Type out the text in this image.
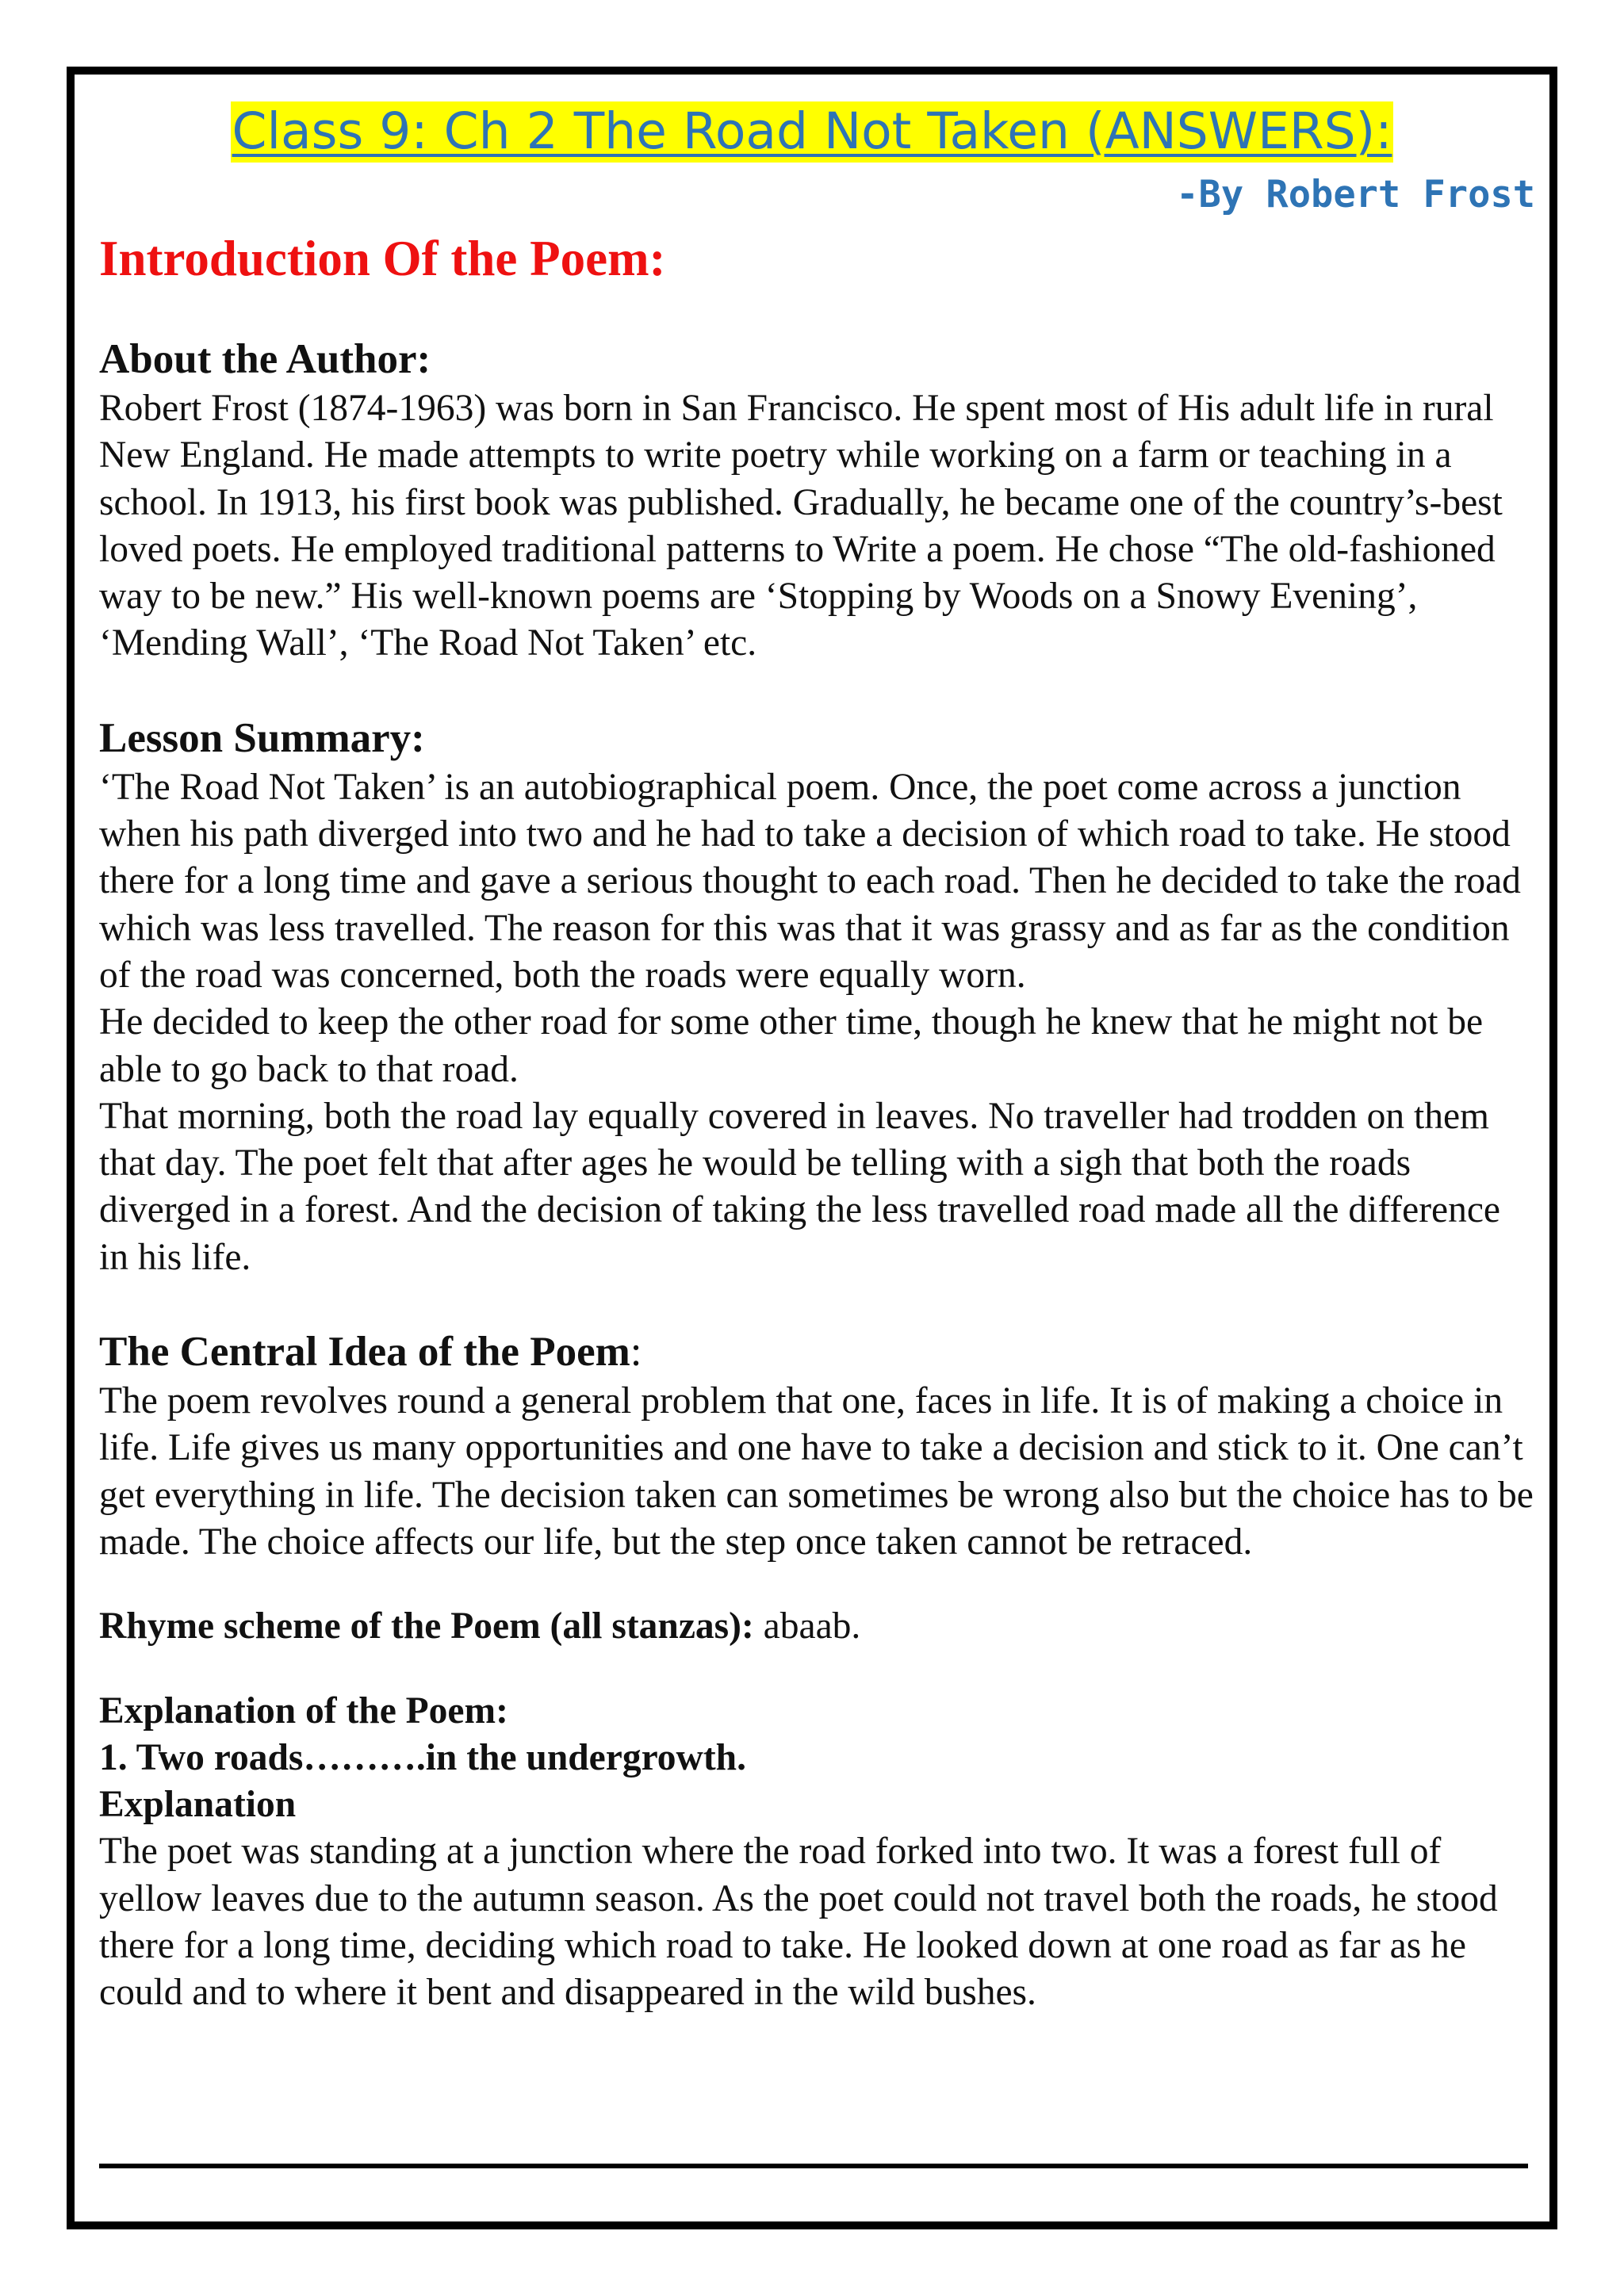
Class 9: Ch 2 The Road Not Taken (ANSWERS):
-By Robert Frost
Introduction Of the Poem:
About the Author:

Robert Frost (1874-1963) was born in San Francisco. He spent most of His adult life in rural New England. He made attempts to write poetry while working on a farm or teaching in a school. In 1913, his first book was published. Gradually, he became one of the country’s-best loved poets. He employed traditional patterns to Write a poem. He chose “The old-fashioned way to be new.” His well-known poems are ‘Stopping by Woods on a Snowy Evening’, ‘Mending Wall’, ‘The Road Not Taken’ etc.

Lesson Summary:

‘The Road Not Taken’ is an autobiographical poem. Once, the poet come across a junction when his path diverged into two and he had to take a decision of which road to take. He stood there for a long time and gave a serious thought to each road. Then he decided to take the road which was less travelled. The reason for this was that it was grassy and as far as the condition of the road was concerned, both the roads were equally worn.

He decided to keep the other road for some other time, though he knew that he might not be able to go back to that road.

That morning, both the road lay equally covered in leaves. No traveller had trodden on them that day. The poet felt that after ages he would be telling with a sigh that both the roads diverged in a forest. And the decision of taking the less travelled road made all the difference in his life.

The Central Idea of the Poem:

The poem revolves round a general problem that one, faces in life. It is of making a choice in life. Life gives us many opportunities and one have to take a decision and stick to it. One can’t get everything in life. The decision taken can sometimes be wrong also but the choice has to be made. The choice affects our life, but the step once taken cannot be retraced.

Rhyme scheme of the Poem (all stanzas): abaab.

Explanation of the Poem:

1. Two roads……….in the undergrowth.

Explanation

The poet was standing at a junction where the road forked into two. It was a forest full of yellow leaves due to the autumn season. As the poet could not travel both the roads, he stood there for a long time, deciding which road to take. He looked down at one road as far as he could and to where it bent and disappeared in the wild bushes.
